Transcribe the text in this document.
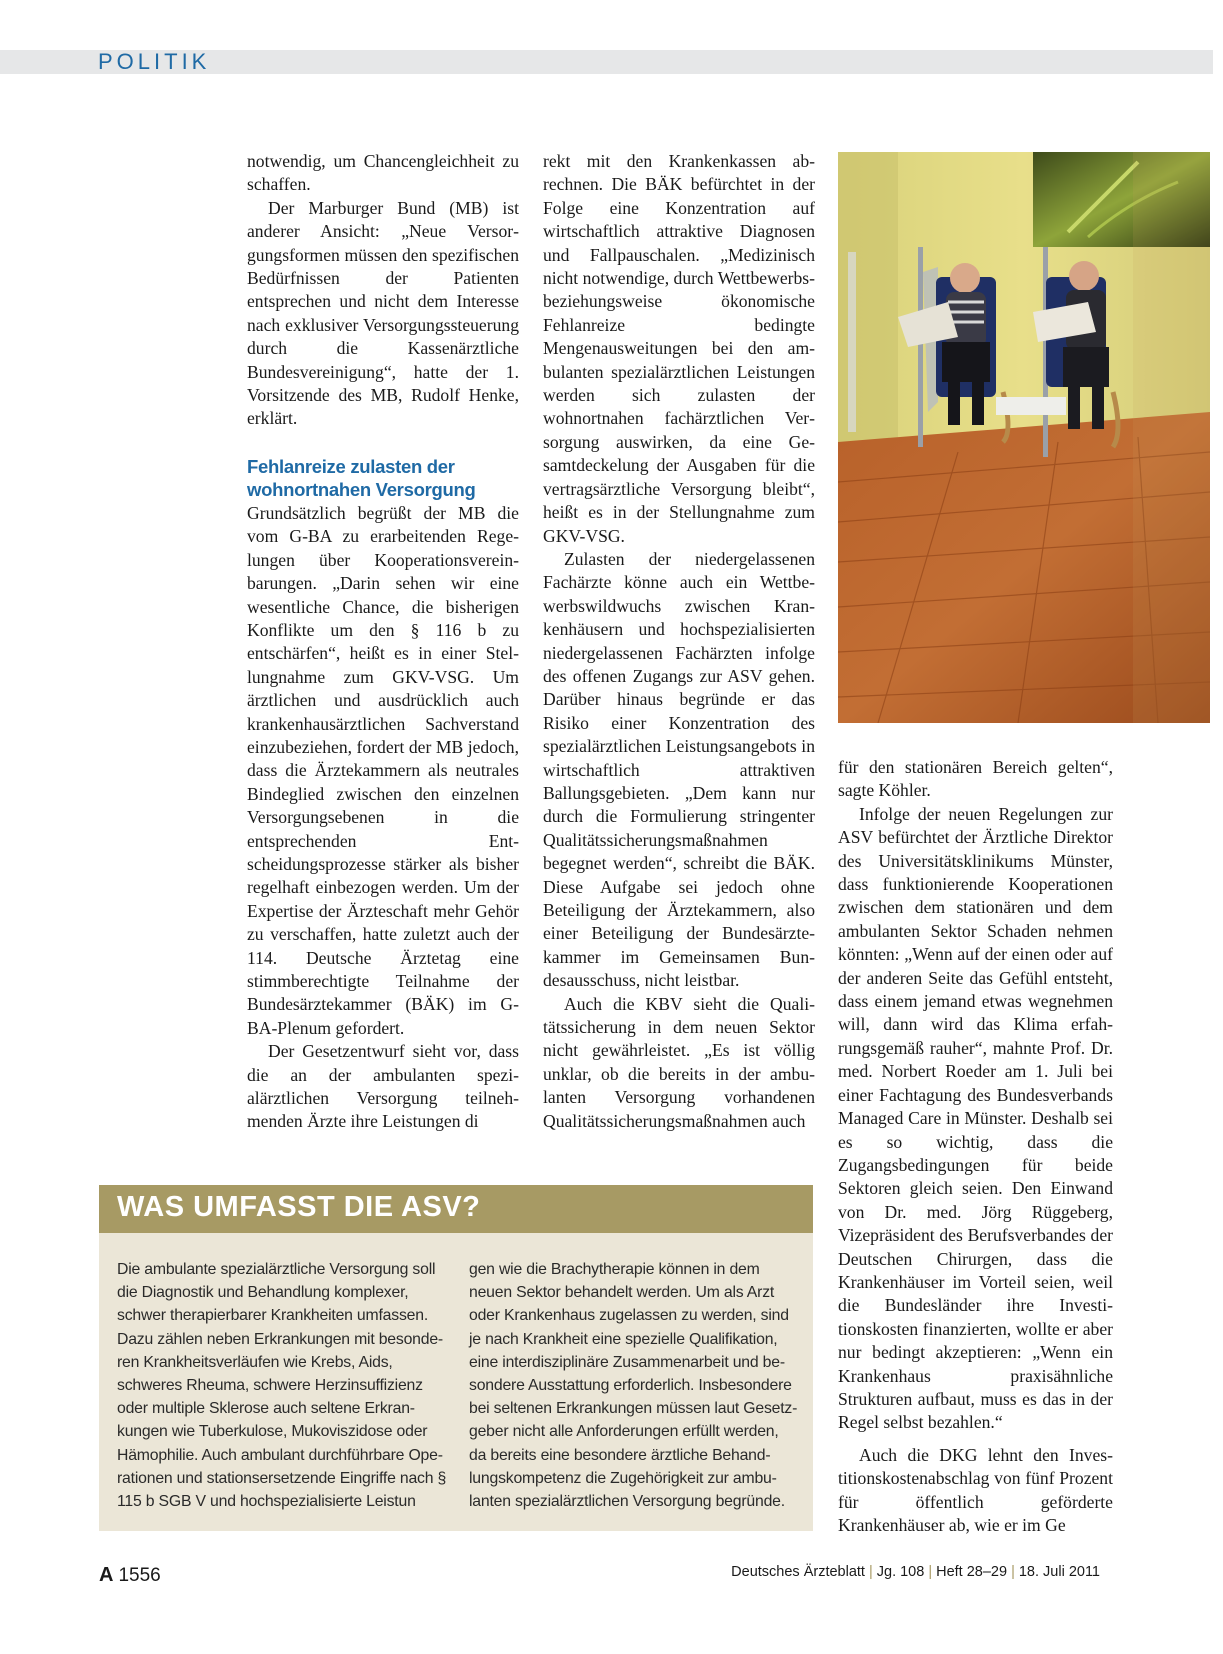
POLITIK

notwendig, um Chancengleichheit zu schaffen.

Der Marburger Bund (MB) ist anderer Ansicht: „Neue Versorgungsformen müssen den spezifischen Bedürfnissen der Patienten entsprechen und nicht dem Interesse nach exklusiver Versorgungssteuerung durch die Kassenärztliche Bundesvereinigung“, hatte der 1. Vorsitzende des MB, Rudolf Henke, erklärt.

Fehlanreize zulasten der wohnortnahen Versorgung

Grundsätzlich begrüßt der MB die vom G-BA zu erarbeitenden Regelungen über Kooperationsvereinbarungen. „Darin sehen wir eine wesentliche Chance, die bisherigen Konflikte um den § 116 b zu entschärfen“, heißt es in einer Stellungnahme zum GKV-VSG. Um ärztlichen und ausdrücklich auch krankenhausärztlichen Sachverstand einzubeziehen, fordert der MB jedoch, dass die Ärztekammern als neutrales Bindeglied zwischen den einzelnen Versorgungsebenen in die entsprechenden Entscheidungsprozesse stärker als bisher regelhaft einbezogen werden. Um der Expertise der Ärzteschaft mehr Gehör zu verschaffen, hatte zuletzt auch der 114. Deutsche Ärztetag eine stimmberechtigte Teilnahme der Bundesärztekammer (BÄK) im G-BA-Plenum gefordert.

Der Gesetzentwurf sieht vor, dass die an der ambulanten spezialärztlichen Versorgung teilnehmenden Ärzte ihre Leistungen di

rekt mit den Krankenkassen abrechnen. Die BÄK befürchtet in der Folge eine Konzentration auf wirtschaftlich attraktive Diagnosen und Fallpauschalen. „Medizinisch nicht notwendige, durch Wettbewerbs- beziehungsweise ökonomische Fehlanreize bedingte Mengenausweitungen bei den ambulanten spezialärztlichen Leistungen werden sich zulasten der wohnortnahen fachärztlichen Versorgung auswirken, da eine Gesamtdeckelung der Ausgaben für die vertragsärztliche Versorgung bleibt“, heißt es in der Stellungnahme zum GKV-VSG.

Zulasten der niedergelassenen Fachärzte könne auch ein Wettbewerbswildwuchs zwischen Krankenhäusern und hochspezialisierten niedergelassenen Fachärzten infolge des offenen Zugangs zur ASV gehen. Darüber hinaus begründe er das Risiko einer Konzentration des spezialärztlichen Leistungsangebots in wirtschaftlich attraktiven Ballungsgebieten. „Dem kann nur durch die Formulierung stringenter Qualitätssicherungsmaßnahmen begegnet werden“, schreibt die BÄK. Diese Aufgabe sei jedoch ohne Beteiligung der Ärztekammern, also einer Beteiligung der Bundesärztekammer im Gemeinsamen Bundesausschuss, nicht leistbar.

Auch die KBV sieht die Qualitätssicherung in dem neuen Sektor nicht gewährleistet. „Es ist völlig unklar, ob die bereits in der ambulanten Versorgung vorhandenen Qualitätssicherungsmaßnahmen auch

für den stationären Bereich gelten“, sagte Köhler.

Infolge der neuen Regelungen zur ASV befürchtet der Ärztliche Direktor des Universitätsklinikums Münster, dass funktionierende Kooperationen zwischen dem stationären und dem ambulanten Sektor Schaden nehmen könnten: „Wenn auf der einen oder auf der anderen Seite das Gefühl entsteht, dass einem jemand etwas wegnehmen will, dann wird das Klima erfahrungsgemäß rauher“, mahnte Prof. Dr. med. Norbert Roeder am 1. Juli bei einer Fachtagung des Bundesverbands Managed Care in Münster. Deshalb sei es so wichtig, dass die Zugangsbedingungen für beide Sektoren gleich seien. Den Einwand von Dr. med. Jörg Rüggeberg, Vizepräsident des Berufsverbandes der Deutschen Chirurgen, dass die Krankenhäuser im Vorteil seien, weil die Bundesländer ihre Investitionskosten finanzierten, wollte er aber nur bedingt akzeptieren: „Wenn ein Krankenhaus praxisähnliche Strukturen aufbaut, muss es das in der Regel selbst bezahlen.“

Auch die DKG lehnt den Investitionskostenabschlag von fünf Prozent für öffentlich geförderte Krankenhäuser ab, wie er im Ge

WAS UMFASST DIE ASV?
Die ambulante spezialärztliche Versorgung soll die Diagnostik und Behandlung komplexer, schwer therapierbarer Krankheiten umfassen. Dazu zählen neben Erkrankungen mit besonderen Krankheitsverläufen wie Krebs, Aids, schweres Rheuma, schwere Herzinsuffizienz oder multiple Sklerose auch seltene Erkrankungen wie Tuberkulose, Mukoviszidose oder Hämophilie. Auch ambulant durchführbare Operationen und stationsersetzende Eingriffe nach § 115 b SGB V und hochspezialisierte Leistun
gen wie die Brachytherapie können in dem neuen Sektor behandelt werden. Um als Arzt oder Krankenhaus zugelassen zu werden, sind je nach Krankheit eine spezielle Qualifikation, eine interdisziplinäre Zusammenarbeit und besondere Ausstattung erforderlich. Insbesondere bei seltenen Erkrankungen müssen laut Gesetzgeber nicht alle Anforderungen erfüllt werden, da bereits eine besondere ärztliche Behandlungskompetenz die Zugehörigkeit zur ambulanten spezialärztlichen Versorgung begründe.
A 1556	Deutsches Ärzteblatt | Jg. 108 | Heft 28–29 | 18. Juli 2011
